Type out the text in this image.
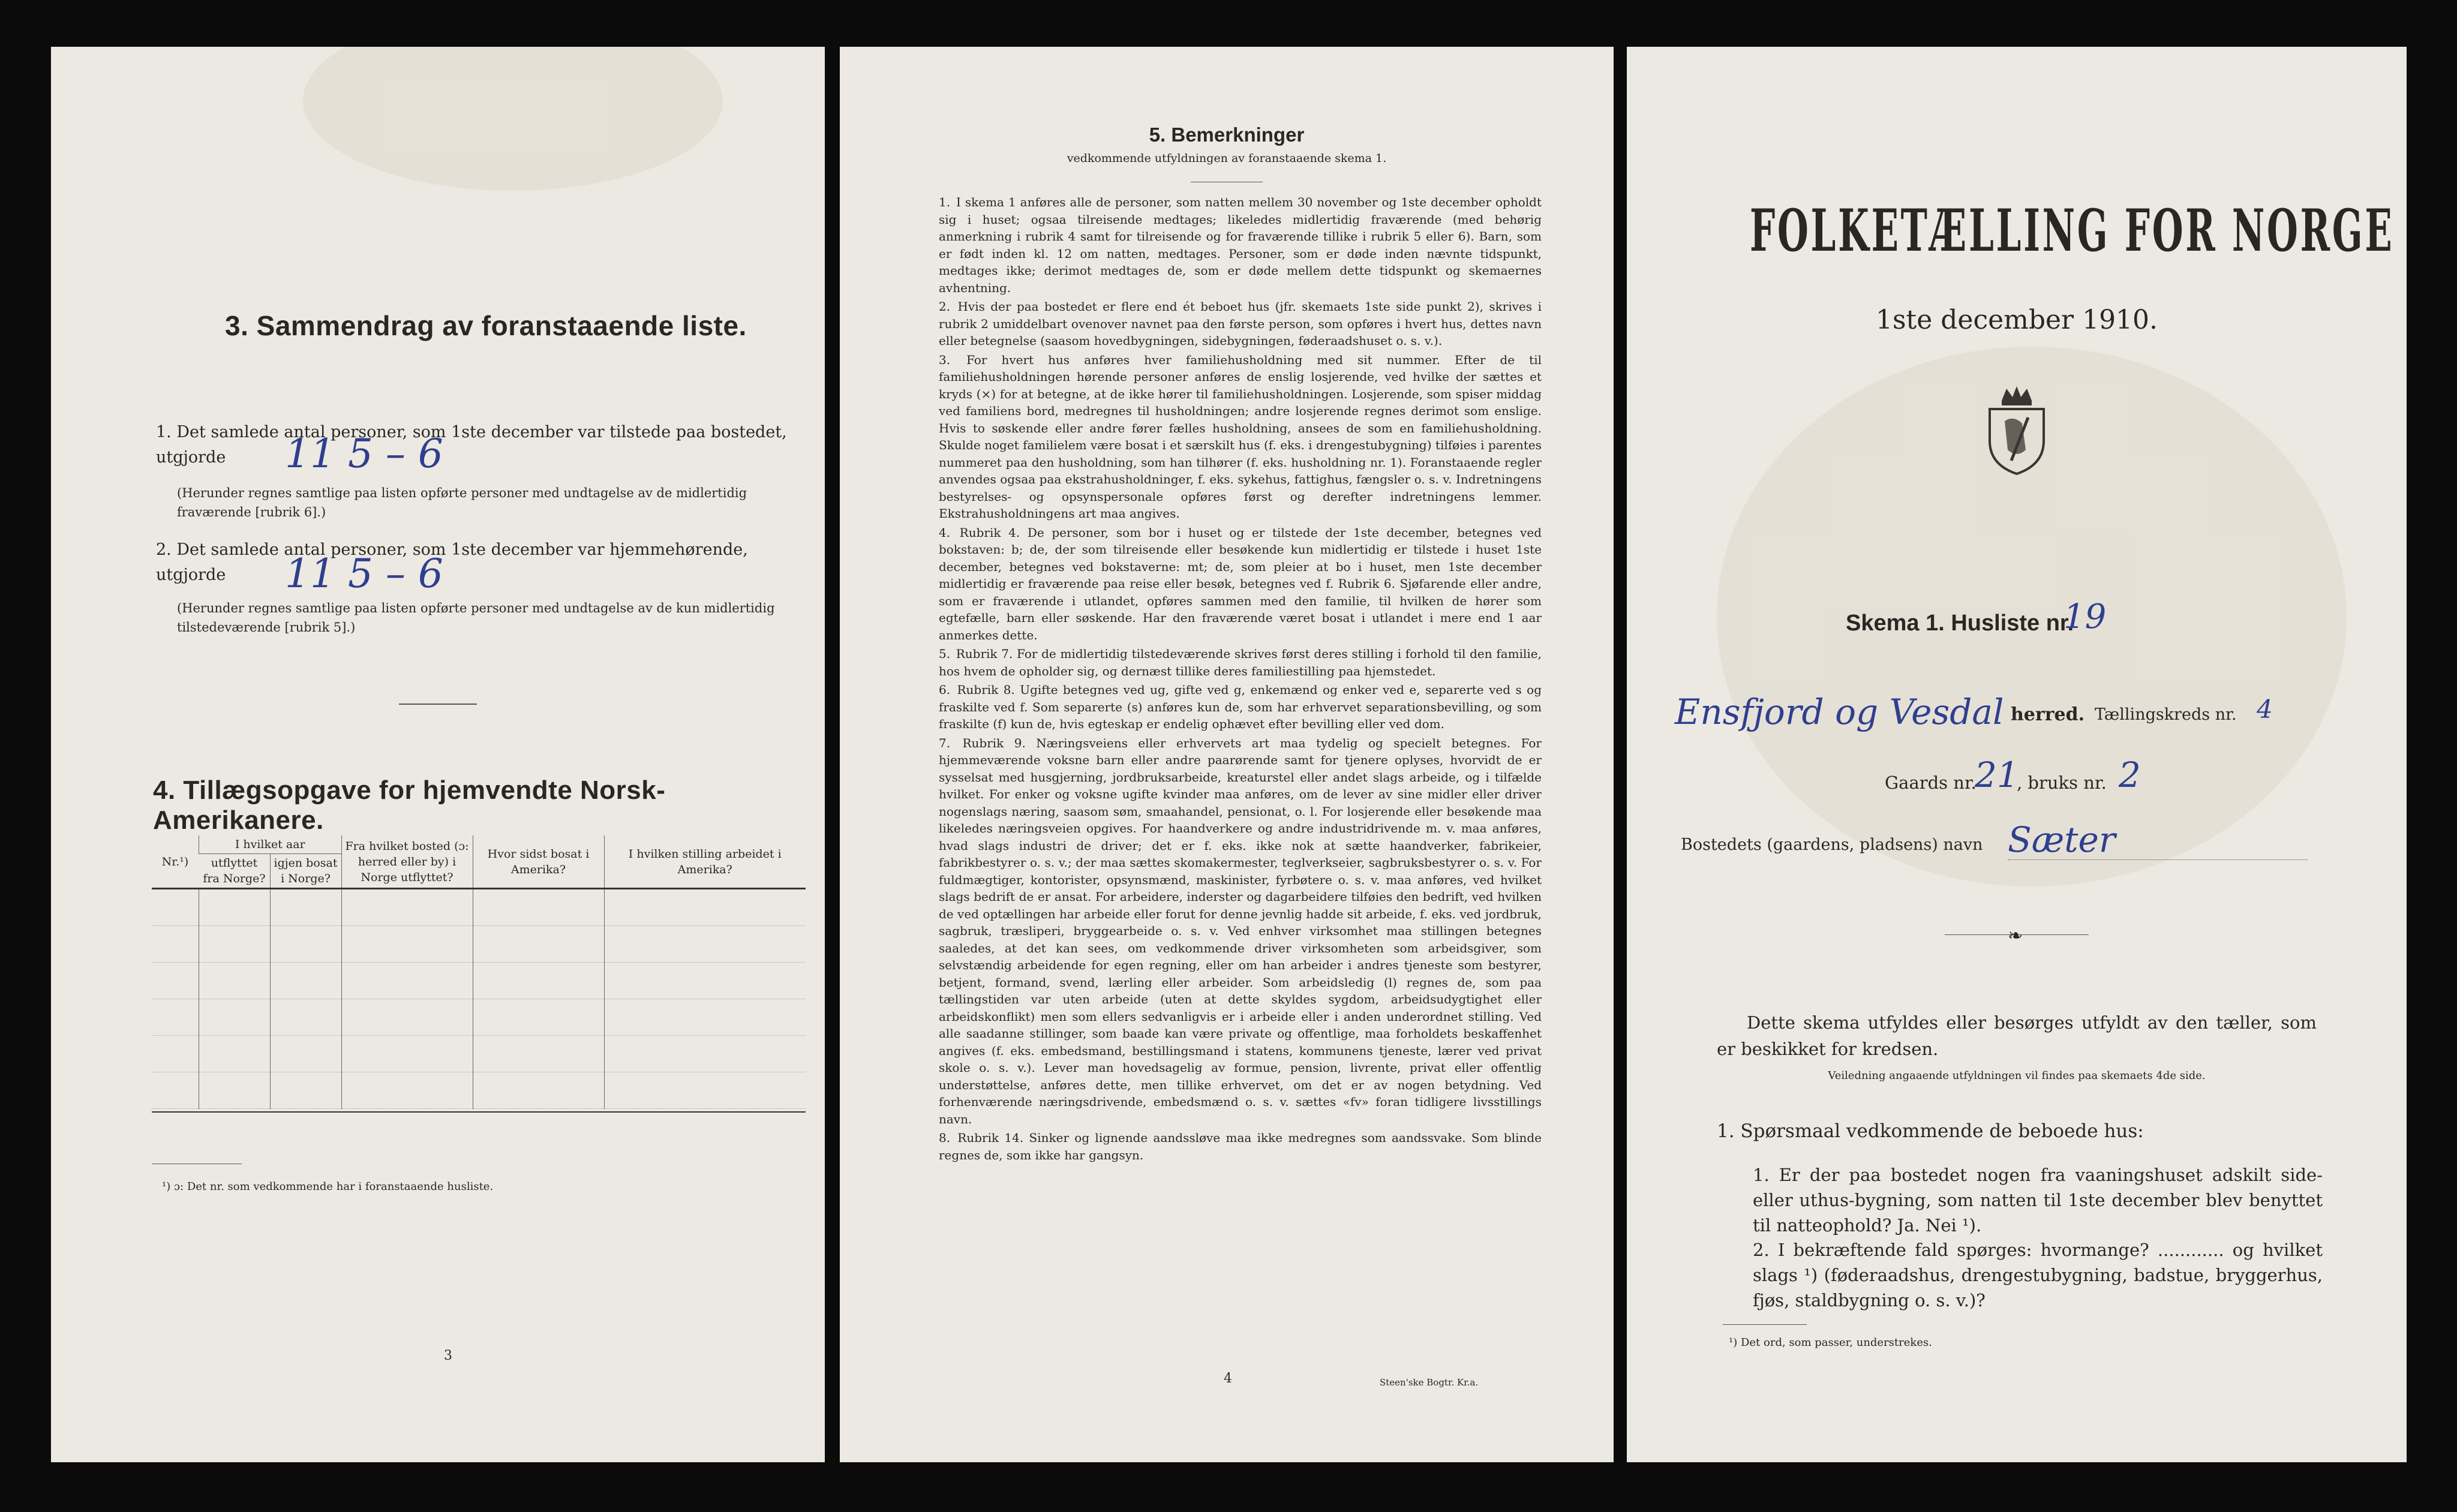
3. Sammendrag av foranstaaende liste.
1. Det samlede antal personer, som 1ste december var tilstede paa bostedet, utgjorde	11 5 – 6
(Herunder regnes samtlige paa listen opførte personer med undtagelse av de midlertidig fraværende [rubrik 6].)
2. Det samlede antal personer, som 1ste december var hjemmehørende, utgjorde	11 5 – 6
(Herunder regnes samtlige paa listen opførte personer med undtagelse av de kun midlertidig tilstedeværende [rubrik 5].)
4. Tillægsopgave for hjemvendte Norsk-Amerikanere.
Nr.¹)	I hvilket aar		Fra hvilket bosted (ɔ: herred eller by) i Norge utflyttet?	Hvor sidst bosat i Amerika?	I hvilken stilling arbeidet i Amerika?
	utflyttet fra Norge?	igjen bosat i Norge?			

¹) ɔ: Det nr. som vedkommende har i foranstaaende husliste.
3
5. Bemerkninger
vedkommende utfyldningen av foranstaaende skema 1.

1. I skema 1 anføres alle de personer, som natten mellem 30 november og 1ste december opholdt sig i huset; ogsaa tilreisende medtages; likeledes midlertidig fraværende (med behørig anmerkning i rubrik 4 samt for tilreisende og for fraværende tillike i rubrik 5 eller 6). Barn, som er født inden kl. 12 om natten, medtages. Personer, som er døde inden nævnte tidspunkt, medtages ikke; derimot medtages de, som er døde mellem dette tidspunkt og skemaernes avhentning.

2. Hvis der paa bostedet er flere end ét beboet hus (jfr. skemaets 1ste side punkt 2), skrives i rubrik 2 umiddelbart ovenover navnet paa den første person, som opføres i hvert hus, dettes navn eller betegnelse (saasom hovedbygningen, sidebygningen, føderaadshuset o. s. v.).

3. For hvert hus anføres hver familiehusholdning med sit nummer. Efter de til familiehusholdningen hørende personer anføres de enslig losjerende, ved hvilke der sættes et kryds (×) for at betegne, at de ikke hører til familiehusholdningen. Losjerende, som spiser middag ved familiens bord, medregnes til husholdningen; andre losjerende regnes derimot som enslige. Hvis to søskende eller andre fører fælles husholdning, ansees de som en familiehusholdning. Skulde noget familielem være bosat i et særskilt hus (f. eks. i drengestubygning) tilføies i parentes nummeret paa den husholdning, som han tilhører (f. eks. husholdning nr. 1). Foranstaaende regler anvendes ogsaa paa ekstrahusholdninger, f. eks. sykehus, fattighus, fængsler o. s. v. Indretningens bestyrelses- og opsynspersonale opføres først og derefter indretningens lemmer. Ekstrahusholdningens art maa angives.

4. Rubrik 4. De personer, som bor i huset og er tilstede der 1ste december, betegnes ved bokstaven: b; de, der som tilreisende eller besøkende kun midlertidig er tilstede i huset 1ste december, betegnes ved bokstaverne: mt; de, som pleier at bo i huset, men 1ste december midlertidig er fraværende paa reise eller besøk, betegnes ved f. Rubrik 6. Sjøfarende eller andre, som er fraværende i utlandet, opføres sammen med den familie, til hvilken de hører som egtefælle, barn eller søskende. Har den fraværende været bosat i utlandet i mere end 1 aar anmerkes dette.

5. Rubrik 7. For de midlertidig tilstedeværende skrives først deres stilling i forhold til den familie, hos hvem de opholder sig, og dernæst tillike deres familiestilling paa hjemstedet.

6. Rubrik 8. Ugifte betegnes ved ug, gifte ved g, enkemænd og enker ved e, separerte ved s og fraskilte ved f. Som separerte (s) anføres kun de, som har erhvervet separationsbevilling, og som fraskilte (f) kun de, hvis egteskap er endelig ophævet efter bevilling eller ved dom.

7. Rubrik 9. Næringsveiens eller erhvervets art maa tydelig og specielt betegnes. For hjemmeværende voksne barn eller andre paarørende samt for tjenere oplyses, hvorvidt de er sysselsat med husgjerning, jordbruksarbeide, kreaturstel eller andet slags arbeide, og i tilfælde hvilket. For enker og voksne ugifte kvinder maa anføres, om de lever av sine midler eller driver nogenslags næring, saasom søm, smaahandel, pensionat, o. l. For losjerende eller besøkende maa likeledes næringsveien opgives. For haandverkere og andre industridrivende m. v. maa anføres, hvad slags industri de driver; det er f. eks. ikke nok at sætte haandverker, fabrikeier, fabrikbestyrer o. s. v.; der maa sættes skomakermester, teglverkseier, sagbruksbestyrer o. s. v. For fuldmægtiger, kontorister, opsynsmænd, maskinister, fyrbøtere o. s. v. maa anføres, ved hvilket slags bedrift de er ansat. For arbeidere, inderster og dagarbeidere tilføies den bedrift, ved hvilken de ved optællingen har arbeide eller forut for denne jevnlig hadde sit arbeide, f. eks. ved jordbruk, sagbruk, træsliperi, bryggearbeide o. s. v. Ved enhver virksomhet maa stillingen betegnes saaledes, at det kan sees, om vedkommende driver virksomheten som arbeidsgiver, som selvstændig arbeidende for egen regning, eller om han arbeider i andres tjeneste som bestyrer, betjent, formand, svend, lærling eller arbeider. Som arbeidsledig (l) regnes de, som paa tællingstiden var uten arbeide (uten at dette skyldes sygdom, arbeidsudygtighet eller arbeidskonflikt) men som ellers sedvanligvis er i arbeide eller i anden underordnet stilling. Ved alle saadanne stillinger, som baade kan være private og offentlige, maa forholdets beskaffenhet angives (f. eks. embedsmand, bestillingsmand i statens, kommunens tjeneste, lærer ved privat skole o. s. v.). Lever man hovedsagelig av formue, pension, livrente, privat eller offentlig understøttelse, anføres dette, men tillike erhvervet, om det er av nogen betydning. Ved forhenværende næringsdrivende, embedsmænd o. s. v. sættes «fv» foran tidligere livsstillings navn.

8. Rubrik 14. Sinker og lignende aandssløve maa ikke medregnes som aandssvake. Som blinde regnes de, som ikke har gangsyn.

4	Steen'ske Bogtr. Kr.a.
FOLKETÆLLING FOR NORGE
1ste december 1910.
Skema 1. Husliste nr.
19
Ensfjord og Vesdal herred. Tællingskreds nr. 4
Gaards nr.
21
, bruks nr. 2
Bostedets (gaardens, pladsens) navn Sæter
❧
Dette skema utfyldes eller besørges utfyldt av den tæller, som er beskikket for kredsen.
Veiledning angaaende utfyldningen vil findes paa skemaets 4de side.
1. Spørsmaal vedkommende de beboede hus:
1. Er der paa bostedet nogen fra vaaningshuset adskilt side- eller uthus-bygning, som natten til 1ste december blev benyttet til natteophold? Ja. Nei ¹).
2. I bekræftende fald spørges: hvormange? ............ og hvilket slags ¹) (føderaadshus, drengestubygning, badstue, bryggerhus, fjøs, staldbygning o. s. v.)?
¹) Det ord, som passer, understrekes.
